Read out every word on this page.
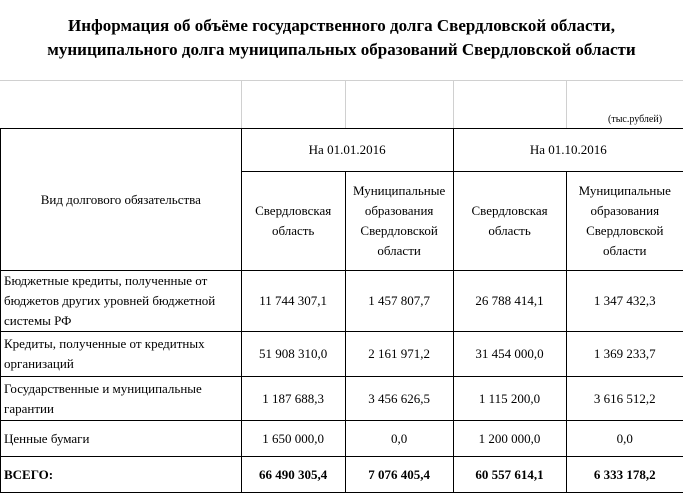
Информация об объёме государственного долга Свердловской области,
муниципального долга муниципальных образований Свердловской области
(тыс.рублей)
Вид долгового обязательства	На 01.01.2016		На 01.10.2016	
	Свердловская область	Муниципальные образования Свердловской области	Свердловская область	Муниципальные образования Свердловской области
Бюджетные кредиты, полученные от бюджетов других уровней бюджетной системы РФ	11 744 307,1	1 457 807,7	26 788 414,1	1 347 432,3
Кредиты, полученные от кредитных организаций	51 908 310,0	2 161 971,2	31 454 000,0	1 369 233,7
Государственные и муниципальные гарантии	1 187 688,3	3 456 626,5	1 115 200,0	3 616 512,2
Ценные бумаги	1 650 000,0	0,0	1 200 000,0	0,0
ВСЕГО:	66 490 305,4	7 076 405,4	60 557 614,1	6 333 178,2
